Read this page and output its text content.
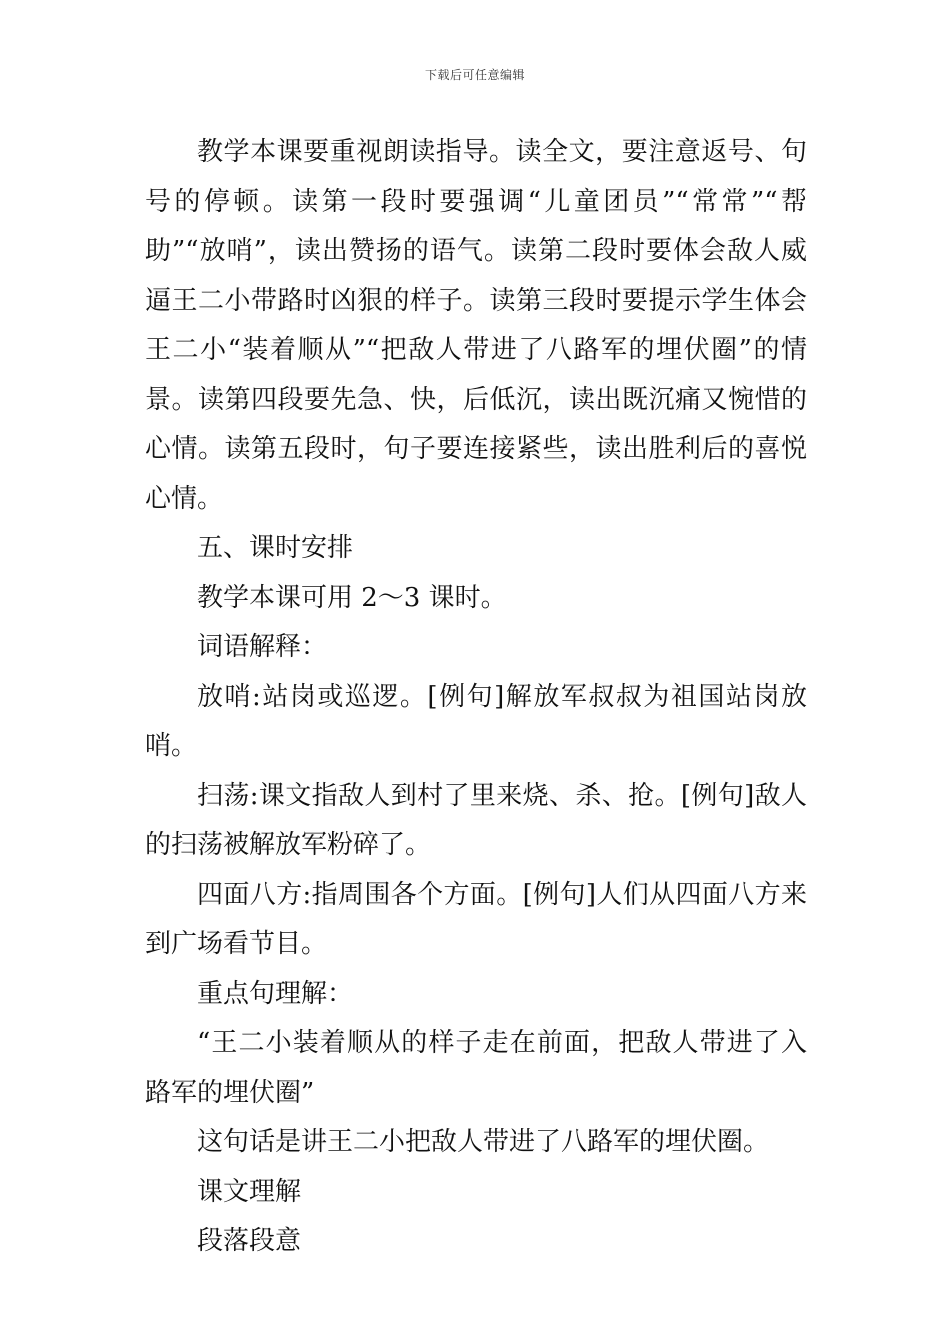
下载后可任意编辑

教学本课要重视朗读指导。读全文，要注意返号、句号的停顿。读第一段时要强调“儿童团员”“常常”“帮助”“放哨”，读出赞扬的语气。读第二段时要体会敌人威逼王二小带路时凶狠的样子。读第三段时要提示学生体会王二小“装着顺从”“把敌人带进了八路军的埋伏圈”的情景。读第四段要先急、快，后低沉，读出既沉痛又惋惜的心情。读第五段时，句子要连接紧些，读出胜利后的喜悦心情。

五、课时安排

教学本课可用 2～3 课时。

词语解释：

放哨:站岗或巡逻。[例句]解放军叔叔为祖国站岗放哨。

扫荡:课文指敌人到村了里来烧、杀、抢。[例句]敌人的扫荡被解放军粉碎了。

四面八方:指周围各个方面。[例句]人们从四面八方来到广场看节目。

重点句理解：

“王二小装着顺从的样子走在前面，把敌人带进了入路军的埋伏圈”

这句话是讲王二小把敌人带进了八路军的埋伏圈。

课文理解

段落段意
